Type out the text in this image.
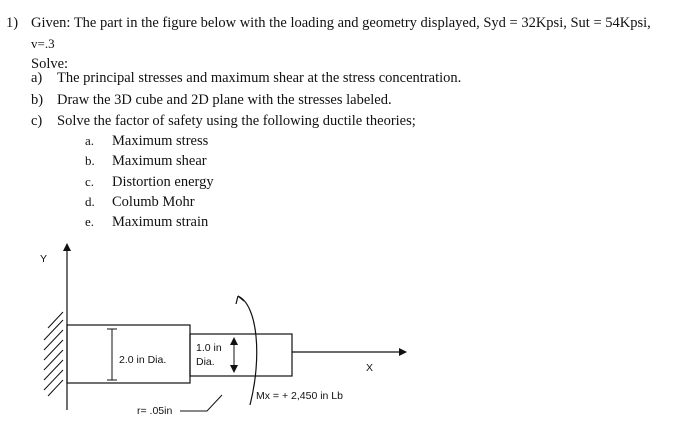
1) Given: The part in the figure below with the loading and geometry displayed, Syd = 32Kpsi, Sut = 54Kpsi,
v=.3
Solve:
a) The principal stresses and maximum shear at the stress concentration.
b) Draw the 3D cube and 2D plane with the stresses labeled.
c) Solve the factor of safety using the following ductile theories;
a. Maximum stress
b. Maximum shear
c. Distortion energy
d. Columb Mohr
e. Maximum strain
Y
X
2.0 in Dia.
1.0 in
Dia.
Mx = + 2,450 in Lb
r= .05in
